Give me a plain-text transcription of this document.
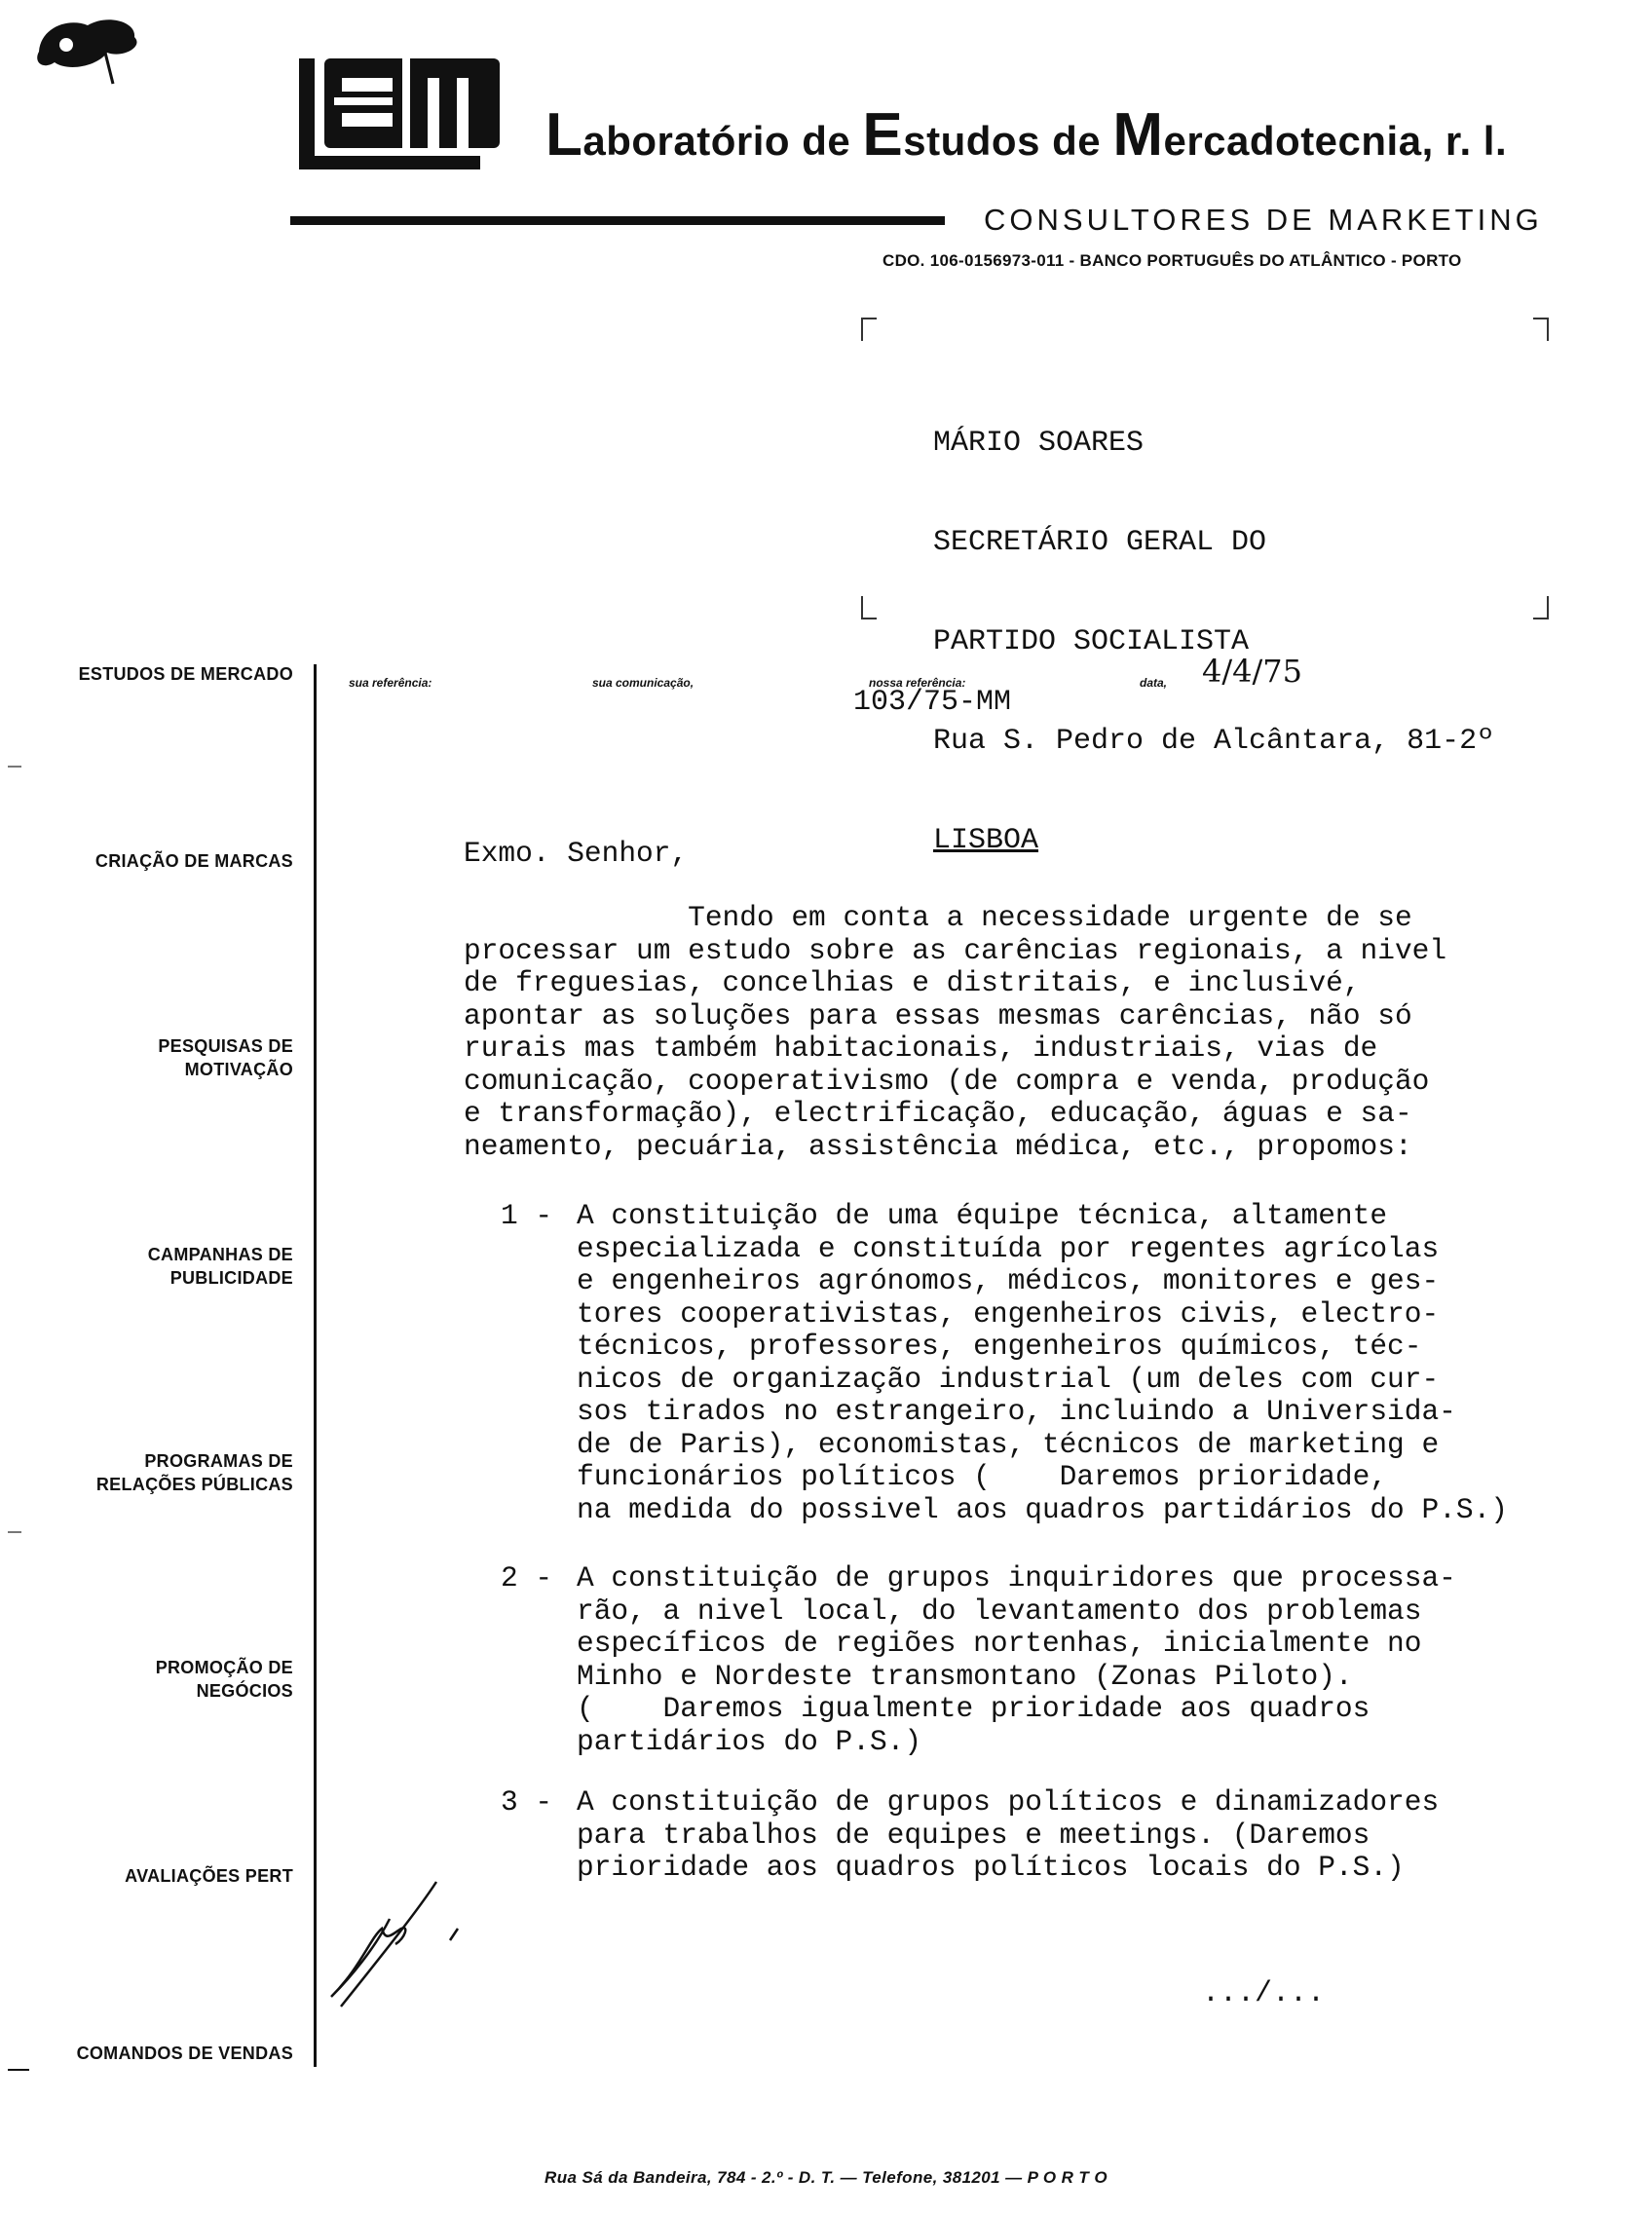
Laboratório de Estudos de Mercadotecnia, r. l.
CONSULTORES DE MARKETING
CDO. 106-0156973-011 - BANCO PORTUGUÊS DO ATLÂNTICO - PORTO

MÁRIO SOARES

SECRETÁRIO GERAL DO

PARTIDO SOCIALISTA

Rua S. Pedro de Alcântara, 81-2º

LISBOA

ESTUDOS DE MERCADO
CRIAÇÃO DE MARCAS
PESQUISAS DE
MOTIVAÇÃO
CAMPANHAS DE
PUBLICIDADE
PROGRAMAS DE
RELAÇÕES PÚBLICAS
PROMOÇÃO DE
NEGÓCIOS
AVALIAÇÕES PERT
COMANDOS DE VENDAS
sua referência:	sua comunicação,	nossa referência:
103/75-MM
data, 4/4/75
Exmo. Senhor,
Tendo em conta a necessidade urgente de se
processar um estudo sobre as carências regionais, a nivel
de freguesias, concelhias e distritais, e inclusivé,
apontar as soluções para essas mesmas carências, não só
rurais mas também habitacionais, industriais, vias de
comunicação, cooperativismo (de compra e venda, produção
e transformação), electrificação, educação, águas e sa-
neamento, pecuária, assistência médica, etc., propomos:
1 - A constituição de uma équipe técnica, altamente
especializada e constituída por regentes agrícolas
e engenheiros agrónomos, médicos, monitores e ges-
tores cooperativistas, engenheiros civis, electro-
técnicos, professores, engenheiros químicos, téc-
nicos de organização industrial (um deles com cur-
sos tirados no estrangeiro, incluindo a Universida-
de de Paris), economistas, técnicos de marketing e
funcionários políticos (    Daremos prioridade,
na medida do possivel aos quadros partidários do P.S.)
2 - A constituição de grupos inquiridores que processa-
rão, a nivel local, do levantamento dos problemas
específicos de regiões nortenhas, inicialmente no
Minho e Nordeste transmontano (Zonas Piloto).
(    Daremos igualmente prioridade aos quadros
partidários do P.S.)
3 - A constituição de grupos políticos e dinamizadores
para trabalhos de equipes e meetings. (Daremos
prioridade aos quadros políticos locais do P.S.)
.../...
Rua Sá da Bandeira, 784 - 2.º - D. T. — Telefone, 381201 — P O R T O
